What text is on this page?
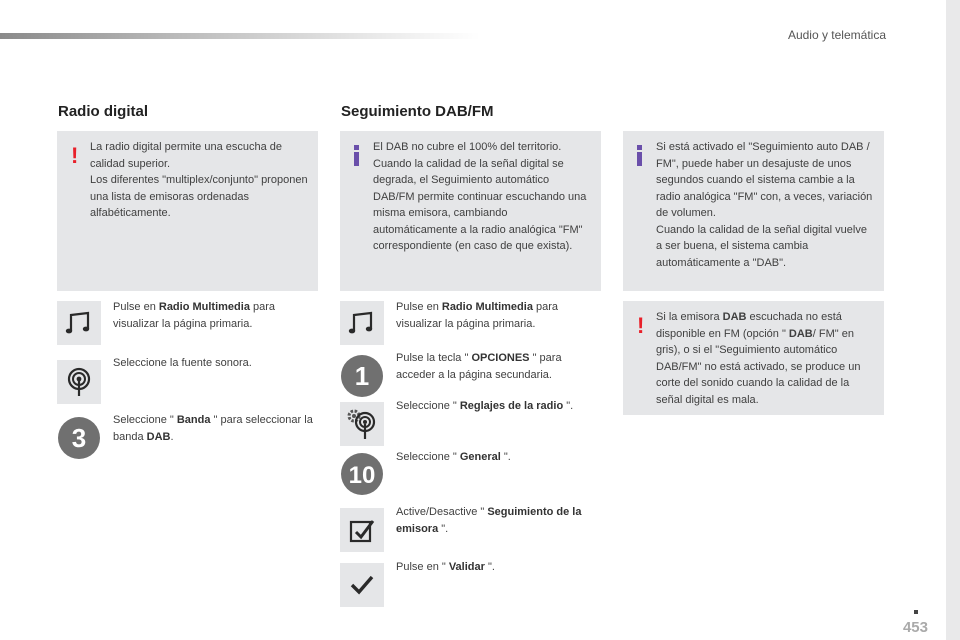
Audio y telemática
Radio digital
! La radio digital permite una escucha de calidad superior.
Los diferentes "multiplex/conjunto" proponen una lista de emisoras ordenadas alfabéticamente.
Pulse en Radio Multimedia para visualizar la página primaria.
Seleccione la fuente sonora.
3
Seleccione " Banda " para seleccionar la banda DAB.
Seguimiento DAB/FM
El DAB no cubre el 100% del territorio.
Cuando la calidad de la señal digital se degrada, el Seguimiento automático DAB/FM permite continuar escuchando una misma emisora, cambiando automáticamente a la radio analógica "FM" correspondiente (en caso de que exista).
Pulse en Radio Multimedia para visualizar la página primaria.
1
Pulse la tecla " OPCIONES " para acceder a la página secundaria.
Seleccione " Reglajes de la radio ".
10
Seleccione " General ".
Active/Desactive " Seguimiento de la emisora ".
Pulse en " Validar ".
Si está activado el "Seguimiento auto DAB / FM", puede haber un desajuste de unos segundos cuando el sistema cambie a la radio analógica "FM" con, a veces, variación de volumen.
Cuando la calidad de la señal digital vuelve a ser buena, el sistema cambia automáticamente a "DAB".
! Si la emisora DAB escuchada no está disponible en FM (opción " DAB/ FM" en gris), o si el "Seguimiento automático DAB/FM" no está activado, se produce un corte del sonido cuando la calidad de la señal digital es mala.
453
